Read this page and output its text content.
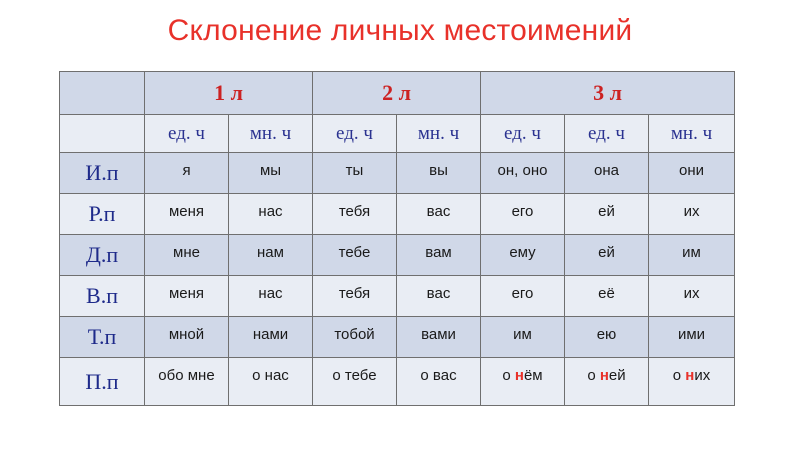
Склонение личных местоимений
	1 л		2 л		3 л		
	ед. ч	мн. ч	ед. ч	мн. ч	ед. ч	ед. ч	мн. ч
И.п	я	мы	ты	вы	он, оно	она	они
Р.п	меня	нас	тебя	вас	его	ей	их
Д.п	мне	нам	тебе	вам	ему	ей	им
В.п	меня	нас	тебя	вас	его	её	их
Т.п	мной	нами	тобой	вами	им	ею	ими
П.п	обо мне	о нас	о тебе	о вас	о нём	о ней	о них
